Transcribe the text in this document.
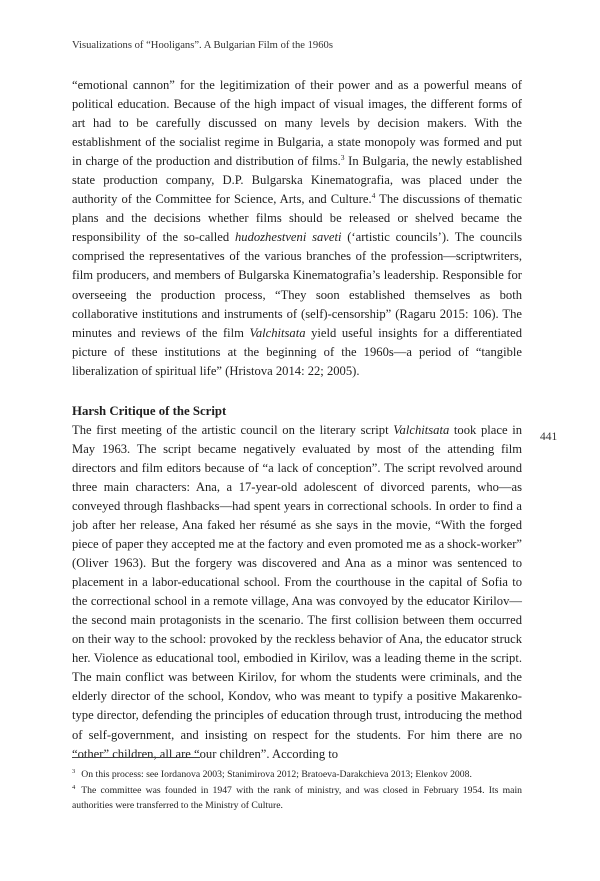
Visualizations of “Hooligans”. A Bulgarian Film of the 1960s
441

“emotional cannon” for the legitimization of their power and as a powerful means of political education. Because of the high impact of visual images, the different forms of art had to be carefully discussed on many levels by decision makers. With the establishment of the socialist regime in Bulgaria, a state monopoly was formed and put in charge of the production and distribution of films.$^3$ In Bulgaria, the newly established state production company, D.P. Bulgarska Kinematografia, was placed under the authority of the Committee for Science, Arts, and Culture.$^4$ The discussions of thematic plans and the decisions whether films should be released or shelved became the responsibility of the so-called hudozhestveni saveti (‘artistic councils’). The councils comprised the representatives of the various branches of the profession—scriptwriters, film producers, and members of Bulgarska Kinematografia’s leadership. Responsible for overseeing the production process, “They soon established themselves as both collaborative institutions and instruments of (self)-censorship” (Ragaru 2015: 106). The minutes and reviews of the film Valchitsata yield useful insights for a differentiated picture of these institutions at the beginning of the 1960s—a period of “tangible liberalization of spiritual life” (Hristova 2014: 22; 2005).

Harsh Critique of the Script

The first meeting of the artistic council on the literary script Valchitsata took place in May 1963. The script became negatively evaluated by most of the attending film directors and film editors because of “a lack of conception”. The script revolved around three main characters: Ana, a 17-year-old adolescent of divorced parents, who—as conveyed through flashbacks—had spent years in correctional schools. In order to find a job after her release, Ana faked her résumé as she says in the movie, “With the forged piece of paper they accepted me at the factory and even promoted me as a shock-worker” (Oliver 1963). But the forgery was discovered and Ana as a minor was sentenced to placement in a labor-educational school. From the courthouse in the capital of Sofia to the correctional school in a remote village, Ana was convoyed by the educator Kirilov—the second main protagonists in the scenario. The first collision between them occurred on their way to the school: provoked by the reckless behavior of Ana, the educator struck her. Violence as educational tool, embodied in Kirilov, was a leading theme in the script. The main conflict was between Kirilov, for whom the students were criminals, and the elderly director of the school, Kondov, who was meant to typify a positive Makarenko-type director, defending the principles of education through trust, introducing the method of self-government, and insisting on respect for the students. For him there are no “other” children, all are “our children”. According to

$^3$ On this process: see Iordanova 2003; Stanimirova 2012; Bratoeva-Darakchieva 2013; Elenkov 2008.

$^4$ The committee was founded in 1947 with the rank of ministry, and was closed in February 1954. Its main authorities were transferred to the Ministry of Culture.
